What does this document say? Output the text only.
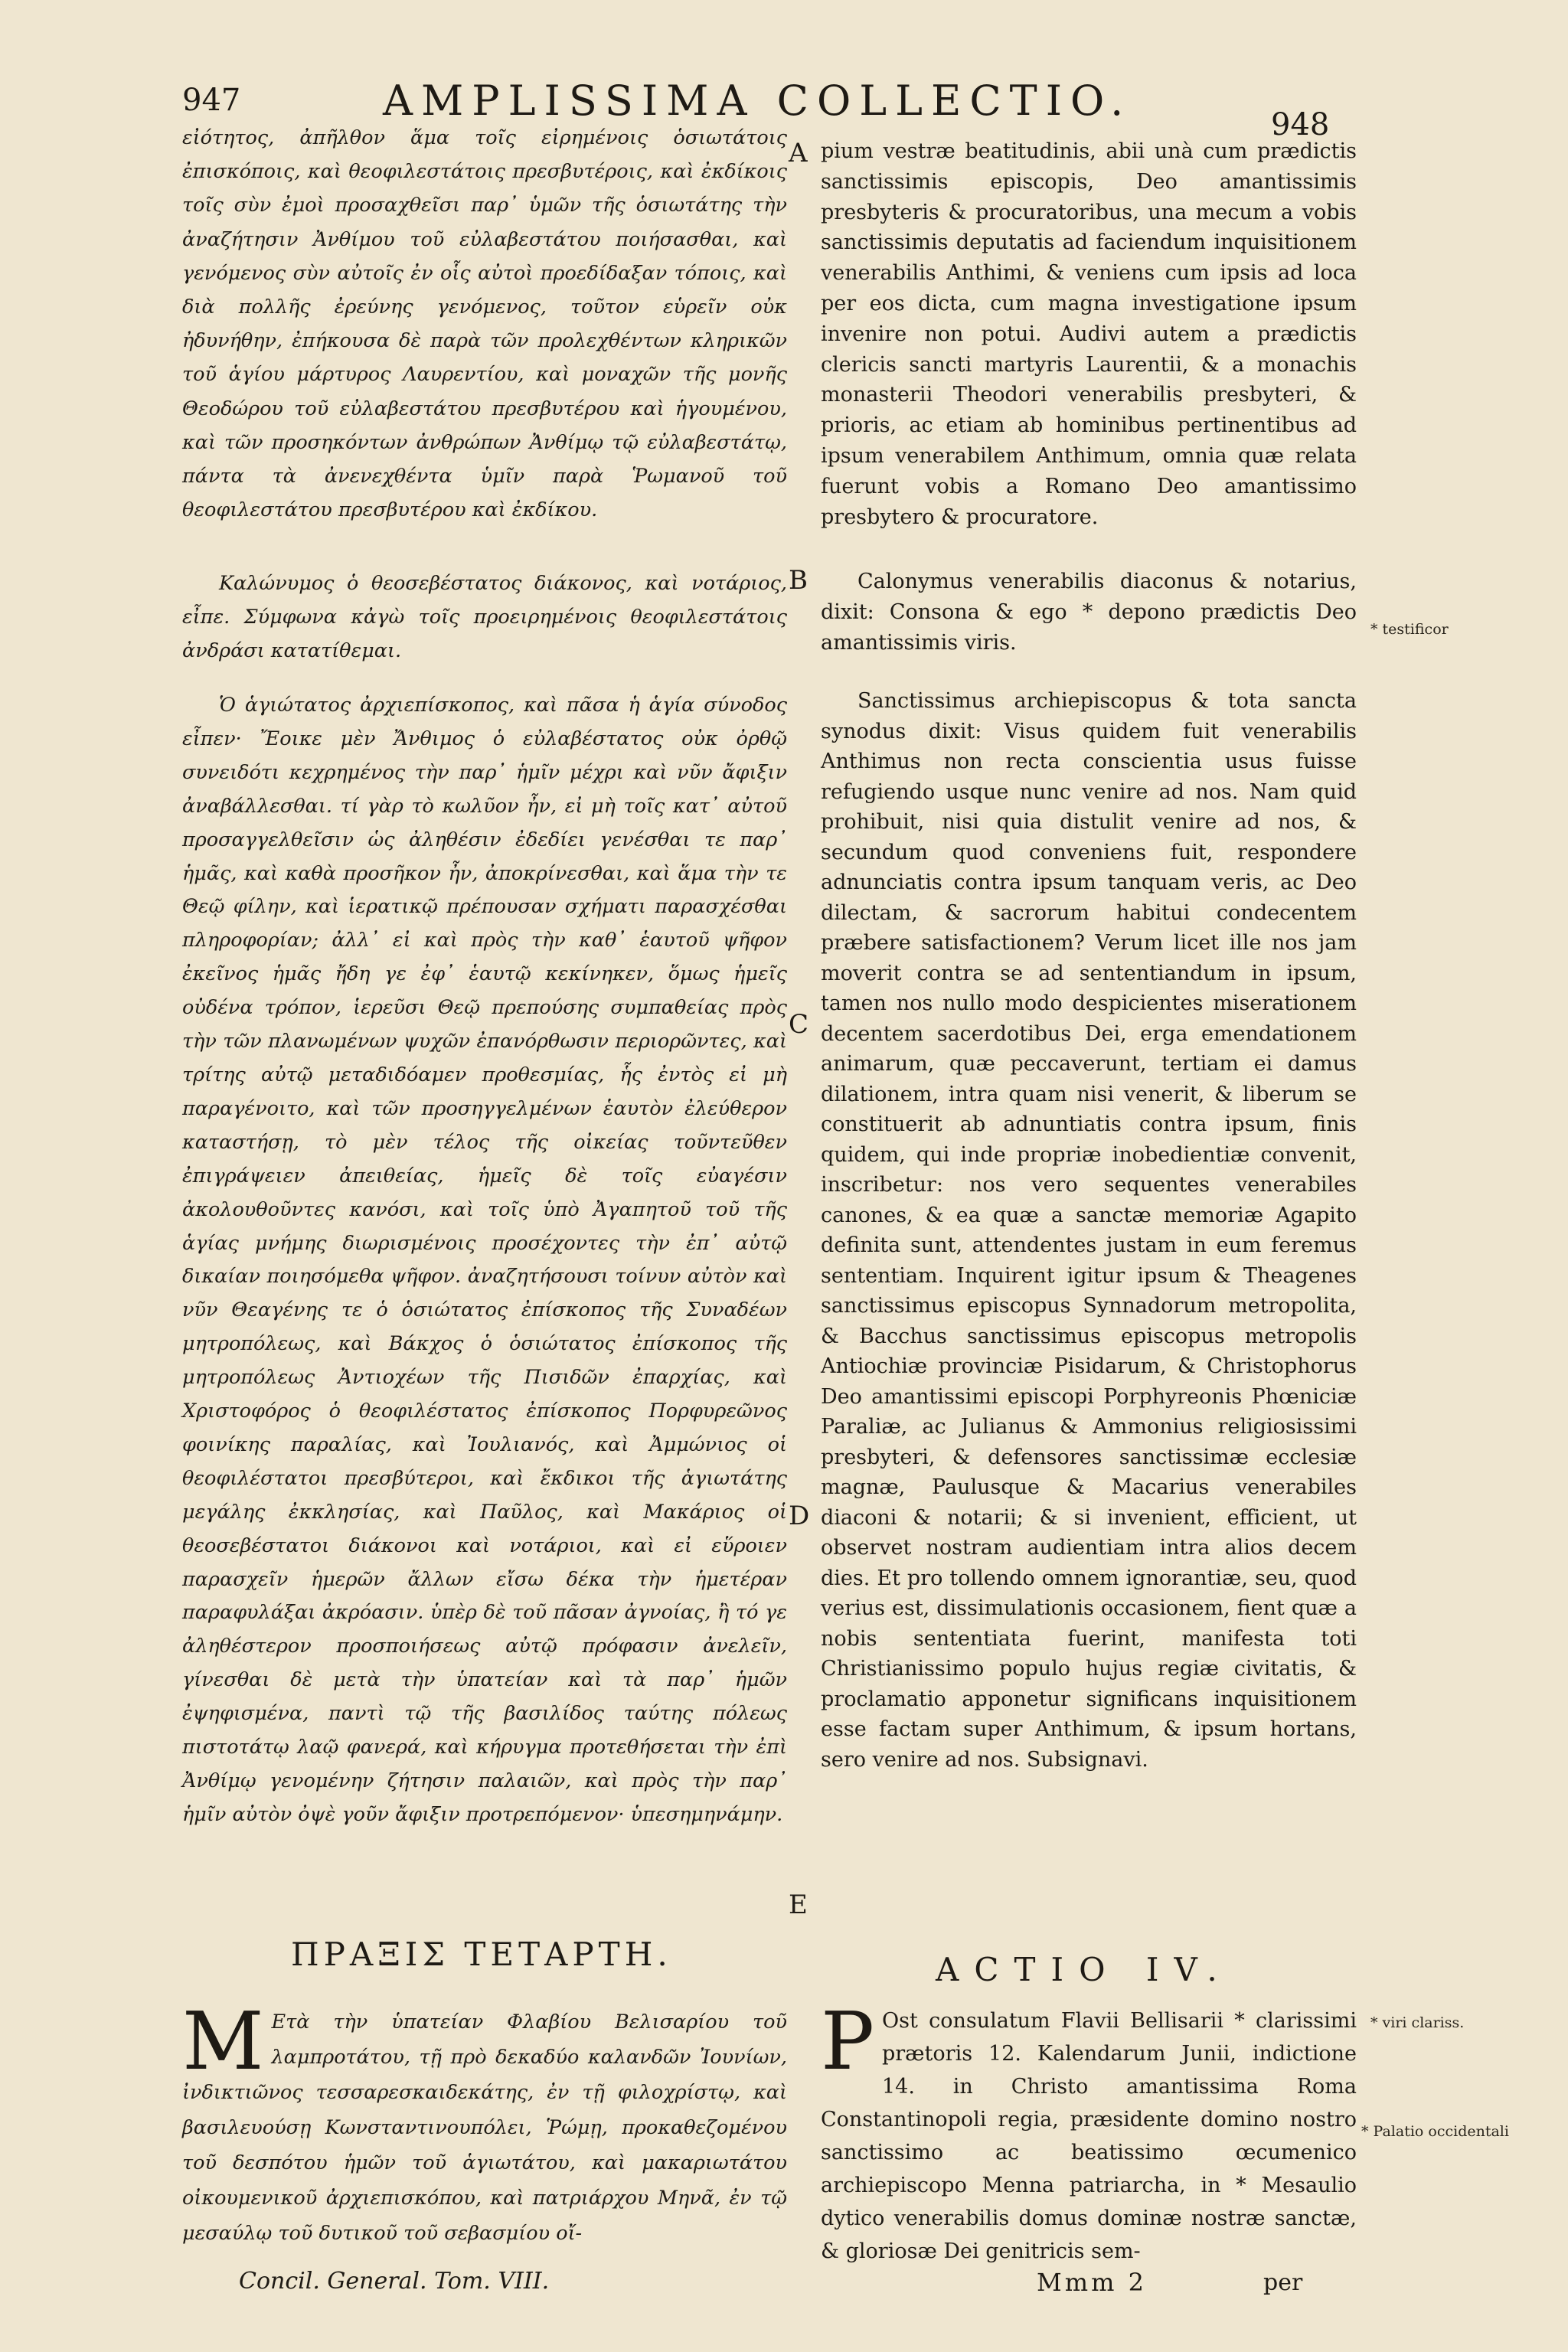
947	AMPLISSIMA COLLECTIO.	948

εἰότητος, ἀπῆλθον ἅμα τοῖς εἰρημένοις ὁσιωτάτοις ἐπισκόποις, καὶ θεοφιλεστάτοις πρεσβυτέροις, καὶ ἐκδίκοις τοῖς σὺν ἐμοὶ προσαχθεῖσι παρ᾽ ὑμῶν τῆς ὁσιωτάτης τὴν ἀναζήτησιν Ἀνθίμου τοῦ εὐλαβεστάτου ποιήσασθαι, καὶ γενόμενος σὺν αὐτοῖς ἐν οἷς αὐτοὶ προεδίδαξαν τόποις, καὶ διὰ πολλῆς ἐρεύνης γενόμενος, τοῦτον εὑρεῖν οὐκ ἠδυνήθην, ἐπήκουσα δὲ παρὰ τῶν προλεχθέντων κληρικῶν τοῦ ἁγίου μάρτυρος Λαυρεντίου, καὶ μοναχῶν τῆς μονῆς Θεοδώρου τοῦ εὐλαβεστάτου πρεσβυτέρου καὶ ἡγουμένου, καὶ τῶν προσηκόντων ἀνθρώπων Ἀνθίμῳ τῷ εὐλαβεστάτῳ, πάντα τὰ ἀνενεχθέντα ὑμῖν παρὰ Ῥωμανοῦ τοῦ θεοφιλεστάτου πρεσβυτέρου καὶ ἐκδίκου.

Καλώνυμος ὁ θεοσεβέστατος διάκονος, καὶ νοτάριος, εἶπε. Σύμφωνα κἀγὼ τοῖς προειρημένοις θεοφιλεστάτοις ἀνδράσι κατατίθεμαι.

Ὁ ἁγιώτατος ἀρχιεπίσκοπος, καὶ πᾶσα ἡ ἁγία σύνοδος εἶπεν· Ἔοικε μὲν Ἄνθιμος ὁ εὐλαβέστατος οὐκ ὀρθῷ συνειδότι κεχρημένος τὴν παρ᾽ ἡμῖν μέχρι καὶ νῦν ἄφιξιν ἀναβάλλεσθαι. τί γὰρ τὸ κωλῦον ἦν, εἰ μὴ τοῖς κατ᾽ αὐτοῦ προσαγγελθεῖσιν ὡς ἀληθέσιν ἐδεδίει γενέσθαι τε παρ᾽ ἡμᾶς, καὶ καθὰ προσῆκον ἦν, ἀποκρίνεσθαι, καὶ ἅμα τὴν τε Θεῷ φίλην, καὶ ἱερατικῷ πρέπουσαν σχήματι παρασχέσθαι πληροφορίαν; ἀλλ᾽ εἰ καὶ πρὸς τὴν καθ᾽ ἑαυτοῦ ψῆφον ἐκεῖνος ἡμᾶς ἤδη γε ἐφ᾽ ἑαυτῷ κεκίνηκεν, ὅμως ἡμεῖς οὐδένα τρόπον, ἱερεῦσι Θεῷ πρεπούσης συμπαθείας πρὸς τὴν τῶν πλανωμένων ψυχῶν ἐπανόρθωσιν περιορῶντες, καὶ τρίτης αὐτῷ μεταδιδόαμεν προθεσμίας, ἧς ἐντὸς εἰ μὴ παραγένοιτο, καὶ τῶν προσηγγελμένων ἑαυτὸν ἐλεύθερον καταστήσῃ, τὸ μὲν τέλος τῆς οἰκείας τοῦντεῦθεν ἐπιγράψειεν ἀπειθείας, ἡμεῖς δὲ τοῖς εὐαγέσιν ἀκολουθοῦντες κανόσι, καὶ τοῖς ὑπὸ Ἀγαπητοῦ τοῦ τῆς ἁγίας μνήμης διωρισμένοις προσέχοντες τὴν ἐπ᾽ αὐτῷ δικαίαν ποιησόμεθα ψῆφον. ἀναζητήσουσι τοίνυν αὐτὸν καὶ νῦν Θεαγένης τε ὁ ὁσιώτατος ἐπίσκοπος τῆς Συναδέων μητροπόλεως, καὶ Βάκχος ὁ ὁσιώτατος ἐπίσκοπος τῆς μητροπόλεως Ἀντιοχέων τῆς Πισιδῶν ἐπαρχίας, καὶ Χριστοφόρος ὁ θεοφιλέστατος ἐπίσκοπος Πορφυρεῶνος φοινίκης παραλίας, καὶ Ἰουλιανός, καὶ Ἀμμώνιος οἱ θεοφιλέστατοι πρεσβύτεροι, καὶ ἔκδικοι τῆς ἁγιωτάτης μεγάλης ἐκκλησίας, καὶ Παῦλος, καὶ Μακάριος οἱ θεοσεβέστατοι διάκονοι καὶ νοτάριοι, καὶ εἰ εὕροιεν παρασχεῖν ἡμερῶν ἄλλων εἴσω δέκα τὴν ἡμετέραν παραφυλάξαι ἀκρόασιν. ὑπὲρ δὲ τοῦ πᾶσαν ἀγνοίας, ἢ τό γε ἀληθέστερον προσποιήσεως αὐτῷ πρόφασιν ἀνελεῖν, γίνεσθαι δὲ μετὰ τὴν ὑπατείαν καὶ τὰ παρ᾽ ἡμῶν ἐψηφισμένα, παντὶ τῷ τῆς βασιλίδος ταύτης πόλεως πιστοτάτῳ λαῷ φανερά, καὶ κήρυγμα προτεθήσεται τὴν ἐπὶ Ἀνθίμῳ γενομένην ζήτησιν παλαιῶν, καὶ πρὸς τὴν παρ᾽ ἡμῖν αὐτὸν ὀψὲ γοῦν ἄφιξιν προτρεπόμενον· ὑπεσημηνάμην.

pium vestræ beatitudinis, abii unà cum prædictis sanctissimis episcopis, Deo amantissimis presbyteris & procuratoribus, una mecum a vobis sanctissimis deputatis ad faciendum inquisitionem venerabilis Anthimi, & veniens cum ipsis ad loca per eos dicta, cum magna investigatione ipsum invenire non potui. Audivi autem a prædictis clericis sancti martyris Laurentii, & a monachis monasterii Theodori venerabilis presbyteri, & prioris, ac etiam ab hominibus pertinentibus ad ipsum venerabilem Anthimum, omnia quæ relata fuerunt vobis a Romano Deo amantissimo presbytero & procuratore.

Calonymus venerabilis diaconus & notarius, dixit: Consona & ego * depono prædictis Deo amantissimis viris.

Sanctissimus archiepiscopus & tota sancta synodus dixit: Visus quidem fuit venerabilis Anthimus non recta conscientia usus fuisse refugiendo usque nunc venire ad nos. Nam quid prohibuit, nisi quia distulit venire ad nos, & secundum quod conveniens fuit, respondere adnunciatis contra ipsum tanquam veris, ac Deo dilectam, & sacrorum habitui condecentem præbere satisfactionem? Verum licet ille nos jam moverit contra se ad sententiandum in ipsum, tamen nos nullo modo despicientes miserationem decentem sacerdotibus Dei, erga emendationem animarum, quæ peccaverunt, tertiam ei damus dilationem, intra quam nisi venerit, & liberum se constituerit ab adnuntiatis contra ipsum, finis quidem, qui inde propriæ inobedientiæ convenit, inscribetur: nos vero sequentes venerabiles canones, & ea quæ a sanctæ memoriæ Agapito definita sunt, attendentes justam in eum feremus sententiam. Inquirent igitur ipsum & Theagenes sanctissimus episcopus Synnadorum metropolita, & Bacchus sanctissimus episcopus metropolis Antiochiæ provinciæ Pisidarum, & Christophorus Deo amantissimi episcopi Porphyreonis Phœniciæ Paraliæ, ac Julianus & Ammonius religiosissimi presbyteri, & defensores sanctissimæ ecclesiæ magnæ, Paulusque & Macarius venerabiles diaconi & notarii; & si invenient, efficient, ut observet nostram audientiam intra alios decem dies. Et pro tollendo omnem ignorantiæ, seu, quod verius est, dissimulationis occasionem, fient quæ a nobis sententiata fuerint, manifesta toti Christianissimo populo hujus regiæ civitatis, & proclamatio apponetur significans inquisitionem esse factam super Anthimum, & ipsum hortans, sero venire ad nos. Subsignavi.

A
B
C
D
E
* testificor
* viri clariss.
* Palatio occidentali
ΠΡΑΞΙΣ ΤΕΤΑΡΤΗ.	ACTIO IV.

Μ Ετὰ τὴν ὑπατείαν Φλαβίου Βελισαρίου τοῦ λαμπροτάτου, τῇ πρὸ δεκαδύο καλανδῶν Ἰουνίων, ἰνδικτιῶνος τεσσαρεσκαιδεκάτης, ἐν τῇ φιλοχρίστῳ, καὶ βασιλευούσῃ Κωνσταντινουπόλει, Ῥώμῃ, προκαθεζομένου τοῦ δεσπότου ἡμῶν τοῦ ἁγιωτάτου, καὶ μακαριωτάτου οἰκουμενικοῦ ἀρχιεπισκόπου, καὶ πατριάρχου Μηνᾶ, ἐν τῷ μεσαύλῳ τοῦ δυτικοῦ τοῦ σεβασμίου οἴ-

P Ost consulatum Flavii Bellisarii * clarissimi prætoris 12. Kalendarum Junii, indictione 14. in Christo amantissima Roma Constantinopoli regia, præsidente domino nostro sanctissimo ac beatissimo œcumenico archiepiscopo Menna patriarcha, in * Mesaulio dytico venerabilis domus dominæ nostræ sanctæ, & gloriosæ Dei genitricis sem-

Concil. General. Tom. VIII.	Mmm 2	per
